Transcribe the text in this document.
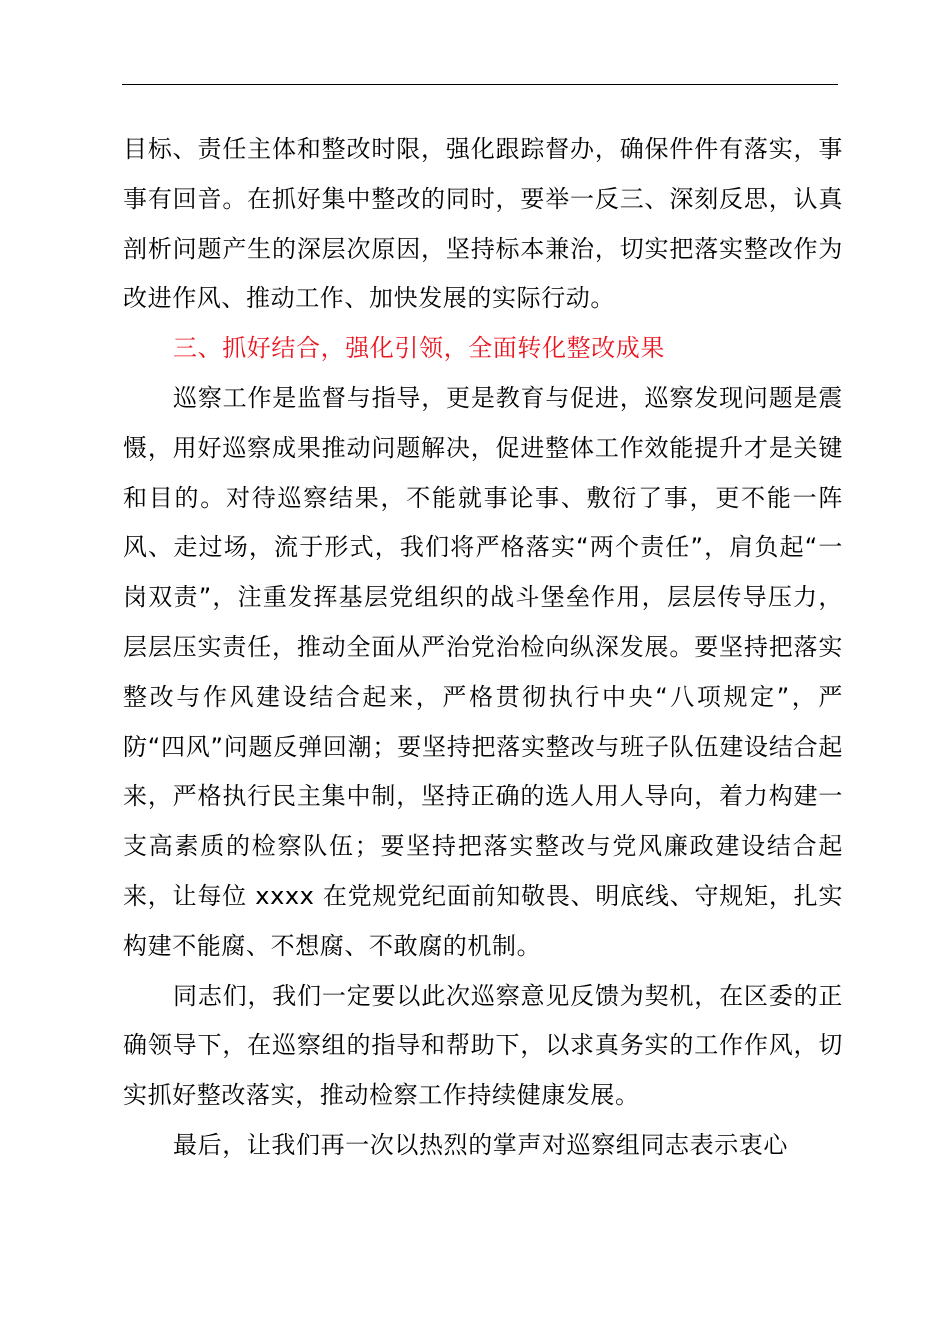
目标、责任主体和整改时限，强化跟踪督办，确保件件有落实，事事有回音。在抓好集中整改的同时，要举一反三、深刻反思，认真剖析问题产生的深层次原因，坚持标本兼治，切实把落实整改作为改进作风、推动工作、加快发展的实际行动。

三、抓好结合，强化引领，全面转化整改成果

巡察工作是监督与指导，更是教育与促进，巡察发现问题是震慑，用好巡察成果推动问题解决，促进整体工作效能提升才是关键和目的。对待巡察结果，不能就事论事、敷衍了事，更不能一阵风、走过场，流于形式，我们将严格落实“两个责任”，肩负起“一岗双责”，注重发挥基层党组织的战斗堡垒作用，层层传导压力，层层压实责任，推动全面从严治党治检向纵深发展。要坚持把落实整改与作风建设结合起来，严格贯彻执行中央“八项规定”，严防“四风”问题反弹回潮；要坚持把落实整改与班子队伍建设结合起来，严格执行民主集中制，坚持正确的选人用人导向，着力构建一支高素质的检察队伍；要坚持把落实整改与党风廉政建设结合起来，让每位 xxxx 在党规党纪面前知敬畏、明底线、守规矩，扎实构建不能腐、不想腐、不敢腐的机制。

同志们，我们一定要以此次巡察意见反馈为契机，在区委的正确领导下，在巡察组的指导和帮助下，以求真务实的工作作风，切实抓好整改落实，推动检察工作持续健康发展。

最后，让我们再一次以热烈的掌声对巡察组同志表示衷心
